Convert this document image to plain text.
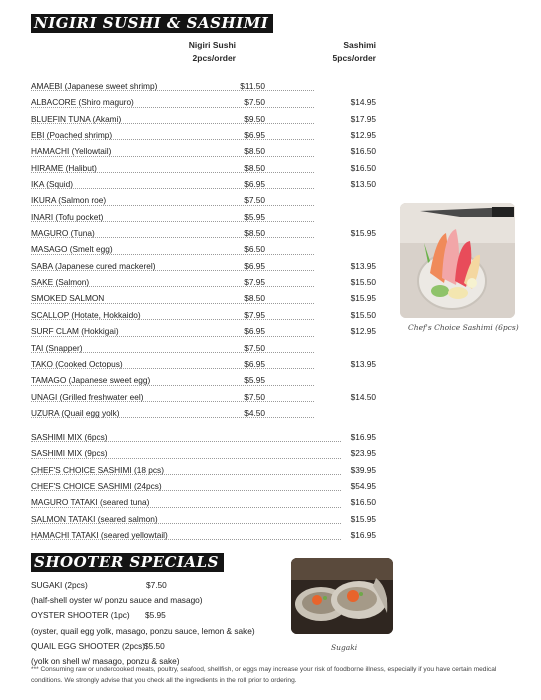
NIGIRI SUSHI & SASHIMI
Nigiri Sushi
2pcs/order
Sashimi
5pcs/order
AMAEBI (Japanese sweet shrimp)	$11.50
ALBACORE (Shiro maguro)	$7.50	$14.95
BLUEFIN TUNA (Akami)	$9.50	$17.95
EBI (Poached shrimp)	$6.95	$12.95
HAMACHI (Yellowtail)	$8.50	$16.50
HIRAME (Halibut)	$8.50	$16.50
IKA (Squid)	$6.95	$13.50
IKURA (Salmon roe)	$7.50
INARI (Tofu pocket)	$5.95
MAGURO (Tuna)	$8.50	$15.95
MASAGO (Smelt egg)	$6.50
SABA (Japanese cured mackerel)	$6.95	$13.95
SAKE (Salmon)	$7.95	$15.50
SMOKED SALMON	$8.50	$15.95
SCALLOP (Hotate, Hokkaido)	$7.95	$15.50
SURF CLAM (Hokkigai)	$6.95	$12.95
TAI (Snapper)	$7.50
TAKO (Cooked Octopus)	$6.95	$13.95
TAMAGO (Japanese sweet egg)	$5.95
UNAGI (Grilled freshwater eel)	$7.50	$14.50
UZURA (Quail egg yolk)	$4.50
SASHIMI MIX (6pcs)	$16.95
SASHIMI MIX (9pcs)	$23.95
CHEF'S CHOICE SASHIMI (18 pcs)	$39.95
CHEF'S CHOICE SASHIMI (24pcs)	$54.95
MAGURO TATAKI (seared tuna)	$16.50
SALMON TATAKI (seared salmon)	$15.95
HAMACHI TATAKI (seared yellowtail)	$16.95
Chef's Choice Sashimi (6pcs)
SHOOTER SPECIALS
SUGAKI (2pcs)	$7.50
(half-shell oyster w/ ponzu sauce and masago)
OYSTER SHOOTER (1pc) $5.95
(oyster, quail egg yolk, masago, ponzu sauce, lemon & sake)
QUAIL EGG SHOOTER (2pcs)$5.50
(yolk on shell w/ masago, ponzu & sake)
Sugaki
*** Consuming raw or undercooked meats, poultry, seafood, shellfish, or eggs may increase your risk of foodborne illness, especially if you have certain medical conditions. We strongly advise that you check all the ingredients in the roll prior to ordering.
